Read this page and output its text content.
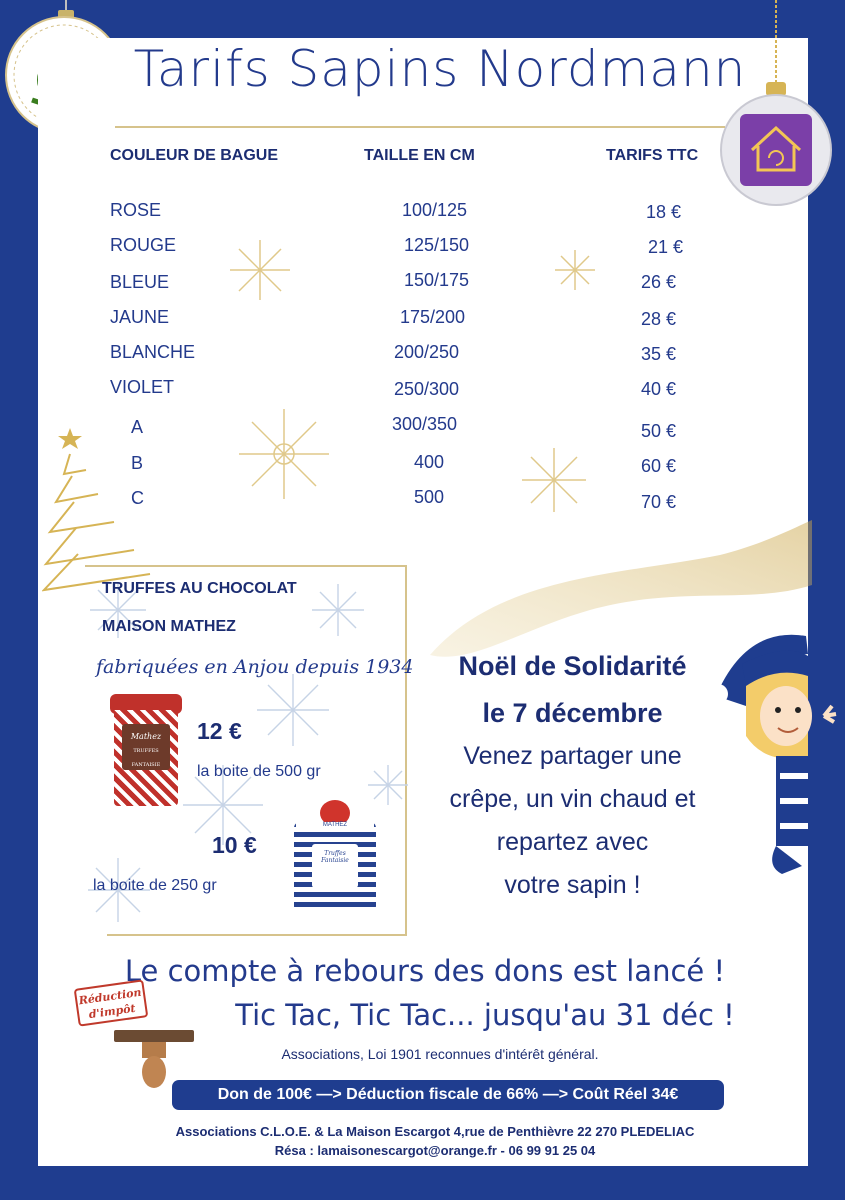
Tarifs Sapins Nordmann
COULEUR DE BAGUE	TAILLE EN CM	TARIFS TTC
ROSE	100/125	18 €
ROUGE	125/150	21 €
BLEUE	150/175	26 €
JAUNE	175/200	28 €
BLANCHE	200/250	35 €
VIOLET	250/300	40 €
A	300/350	50 €
B	400	60 €
C	500	70 €
TRUFFES AU CHOCOLAT
MAISON MATHEZ
fabriquées en Anjou depuis 1934
Mathez
TRUFFES FANTAISIE
12 €
la boite de 500 gr
10 €
la boite de 250 gr
MATHEZ
Truffes Fantaisie
Noël de Solidarité
le 7 décembre
Venez partager une
crêpe, un vin chaud et
repartez avec
votre sapin !
Le compte à rebours des dons est lancé !
Tic Tac, Tic Tac... jusqu'au 31 déc !
Réduction
d'impôt
Associations, Loi 1901 reconnues d'intérêt général.
Don de 100€ —> Déduction fiscale de 66% —> Coût Réel 34€
Associations C.L.O.E. & La Maison Escargot 4,rue de Penthièvre 22 270 PLEDELIAC
Résa : lamaisonescargot@orange.fr - 06 99 91 25 04
